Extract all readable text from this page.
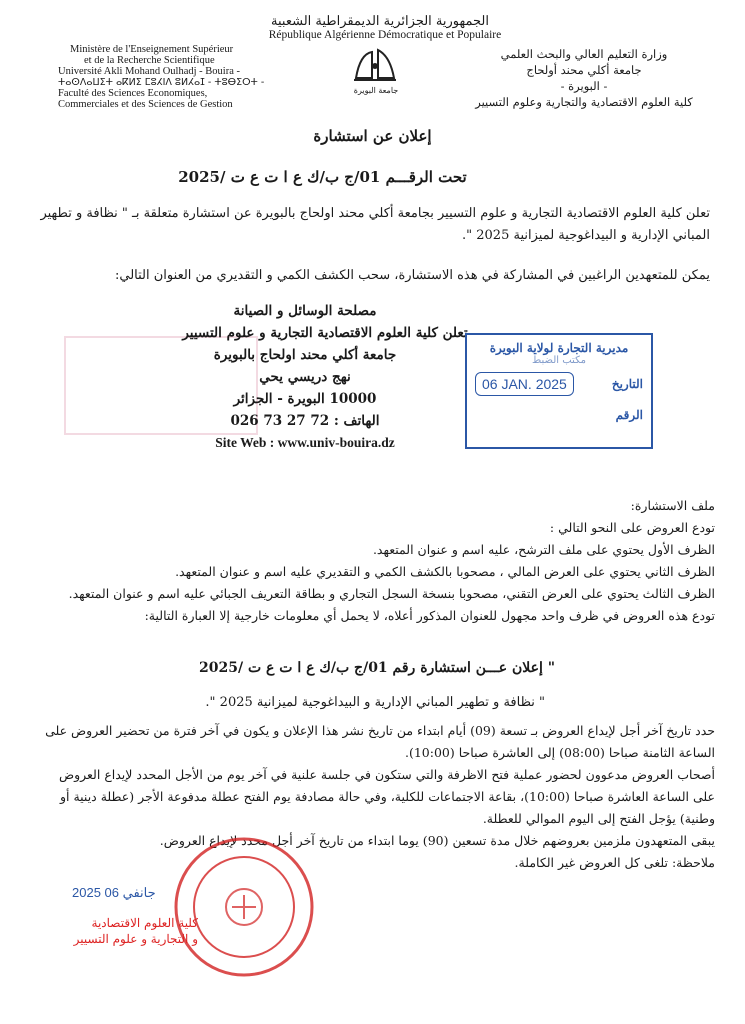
الجمهورية الجزائرية الديمقراطية الشعبية
République Algérienne Démocratique et Populaire
Ministère de l'Enseignement Supérieur
et de la Recherche Scientifique
Université Akli Mohand Oulhadj - Bouira -
ⵜⴰⵙⴷⴰⵡⵉⵜ ⴰⴽⵍⵉ ⵎⵓⵃⵏⴷ ⵓⵍⵃⴰⵊ - ⵜⵓⴱⵉⵔⵜ -
Faculté des Sciences Economiques,
Commerciales et des Sciences de Gestion
جامعة البويرة
وزارة التعليم العالي والبحث العلمي
جامعة أكلي محند أولحاج
- البويرة -
كلية العلوم الاقتصادية والتجارية وعلوم التسيير
إعلان عن استشارة
تحت الرقـــم 01/ج ب/ك ع ا ت ع ت /2025
تعلن كلية العلوم الاقتصادية التجارية و علوم التسيير بجامعة أكلي محند اولحاج بالبويرة عن استشارة متعلقة بـ " نظافة و تطهير المباني الإدارية و البيداغوجية لميزانية 2025 ".
يمكن للمتعهدين الراغبين في المشاركة في هذه الاستشارة، سحب الكشف الكمي و التقديري من العنوان التالي:
مصلحة الوسائل و الصيانة
تعلن كلية العلوم الاقتصادية التجارية و علوم التسيير
جامعة أكلي محند اولحاج بالبويرة
نهج دريسي يحي
10000 البويرة - الجزائر
الهاتف : 72 27 73 026
Site Web : www.univ-bouira.dz
مديرية التجارة لولاية البويرة
مكتب الضبط
06 JAN. 2025	التاريخ
الرقم
ملف الاستشارة:
تودع العروض على النحو التالي :
الظرف الأول يحتوي على ملف الترشح، عليه اسم و عنوان المتعهد.
الظرف الثاني يحتوي على العرض المالي ، مصحوبا بالكشف الكمي و التقديري عليه اسم و عنوان المتعهد.
الظرف الثالث يحتوي على العرض التقني، مصحوبا بنسخة السجل التجاري و بطاقة التعريف الجبائي عليه اسم و عنوان المتعهد.
تودع هذه العروض في ظرف واحد مجهول للعنوان المذكور أعلاه، لا يحمل أي معلومات خارجية إلا العبارة التالية:
" إعلان عـــن استشارة رقم 01/ج ب/ك ع ا ت ع ت /2025
" نظافة و تطهير المباني الإدارية و البيداغوجية لميزانية 2025 ".
حدد تاريخ آخر أجل لإيداع العروض بـ تسعة (09) أيام ابتداء من تاريخ نشر هذا الإعلان و يكون في آخر فترة من تحضير العروض على الساعة الثامنة صباحا (08:00) إلى العاشرة صباحا (10:00).
أصحاب العروض مدعوون لحضور عملية فتح الاظرفة والتي ستكون في جلسة علنية في آخر يوم من الأجل المحدد لإيداع العروض على الساعة العاشرة صباحا (10:00)، بقاعة الاجتماعات للكلية، وفي حالة مصادفة يوم الفتح عطلة مدفوعة الأجر (عطلة دينية أو وطنية) يؤجل الفتح إلى اليوم الموالي للعطلة.
يبقى المتعهدون ملزمين بعروضهم خلال مدة تسعين (90) يوما ابتداء من تاريخ آخر أجل محدد لإيداع العروض.
ملاحظة: تلغى كل العروض غير الكاملة.
2025 جانفي 06
كلية العلوم الاقتصادية
و التجارية و علوم التسيير
